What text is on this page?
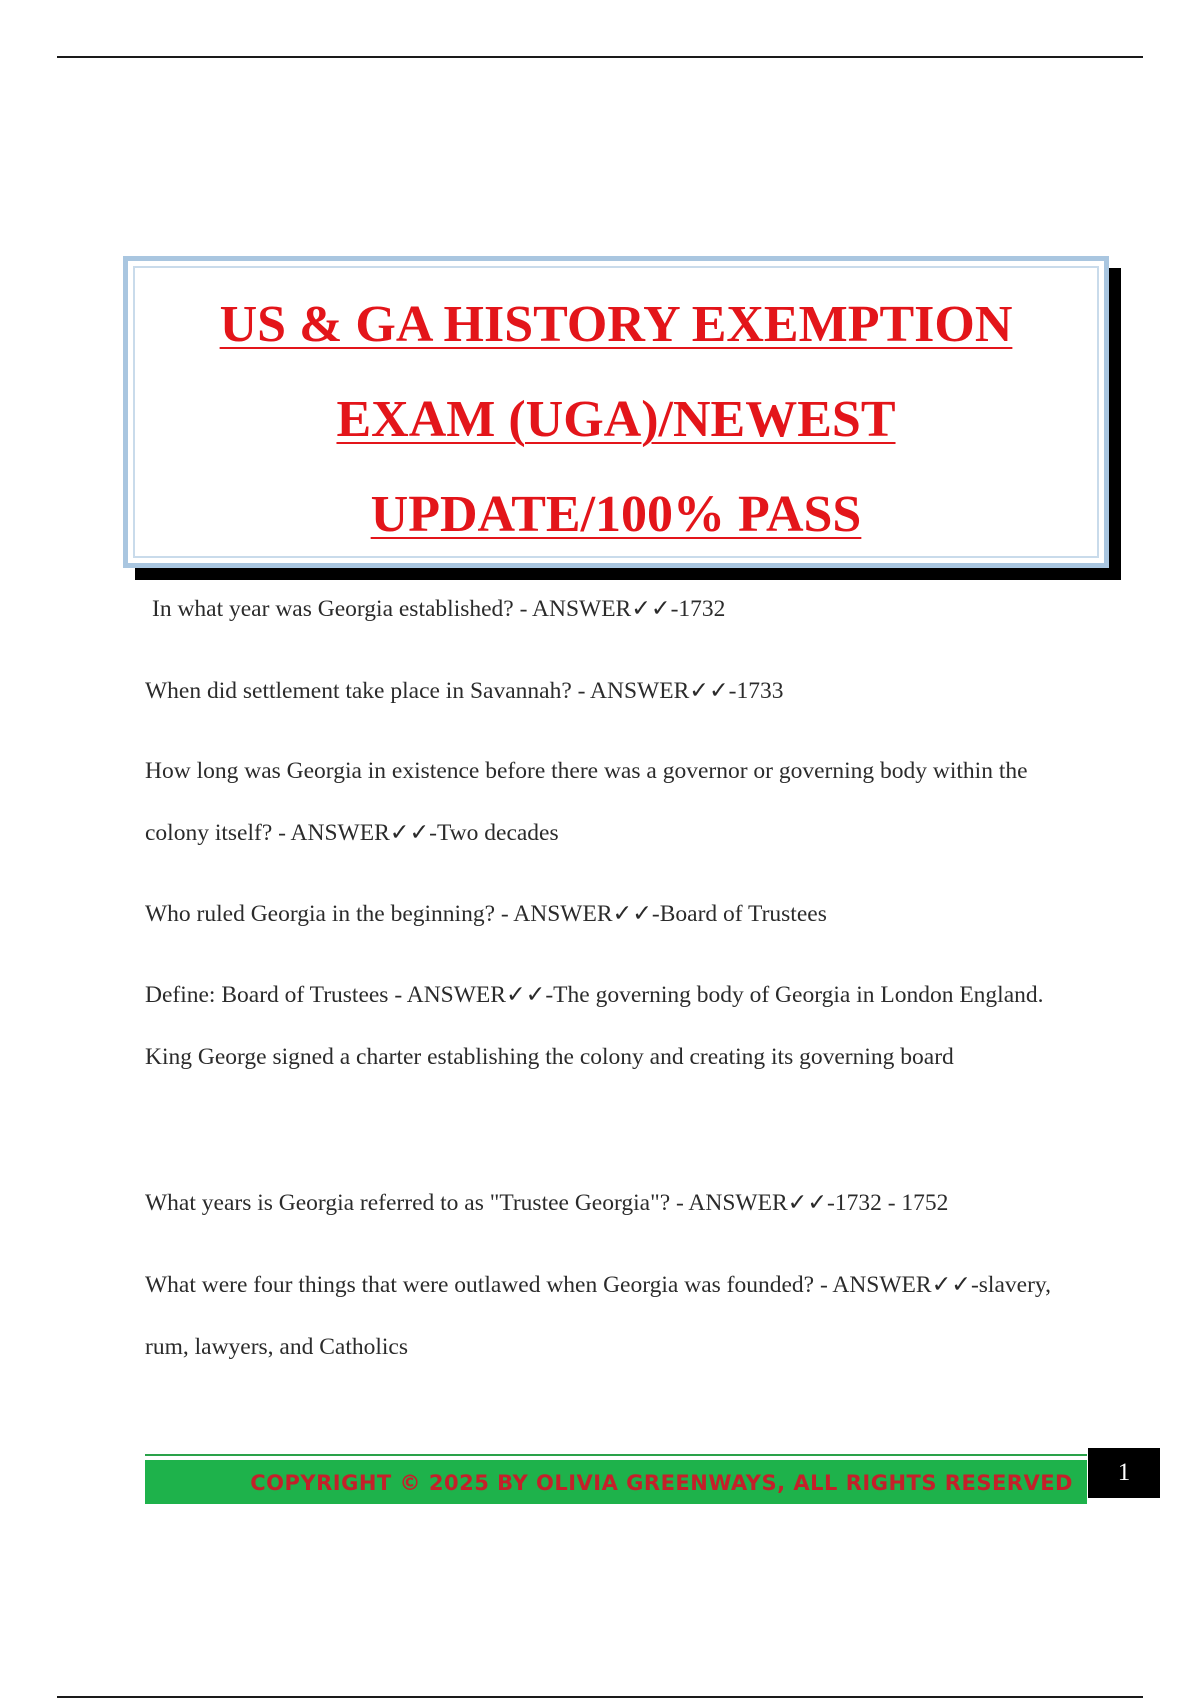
US & GA HISTORY EXEMPTION
EXAM (UGA)/NEWEST
UPDATE/100% PASS
In what year was Georgia established? - ANSWER✓✓-1732
When did settlement take place in Savannah? - ANSWER✓✓-1733
How long was Georgia in existence before there was a governor or governing body within the colony itself? - ANSWER✓✓-Two decades
Who ruled Georgia in the beginning? - ANSWER✓✓-Board of Trustees
Define: Board of Trustees - ANSWER✓✓-The governing body of Georgia in London England. King George signed a charter establishing the colony and creating its governing board
What years is Georgia referred to as "Trustee Georgia"? - ANSWER✓✓-1732 - 1752
What were four things that were outlawed when Georgia was founded? - ANSWER✓✓-slavery, rum, lawyers, and Catholics
COPYRIGHT © 2025 BY OLIVIA GREENWAYS, ALL RIGHTS RESERVED	1
